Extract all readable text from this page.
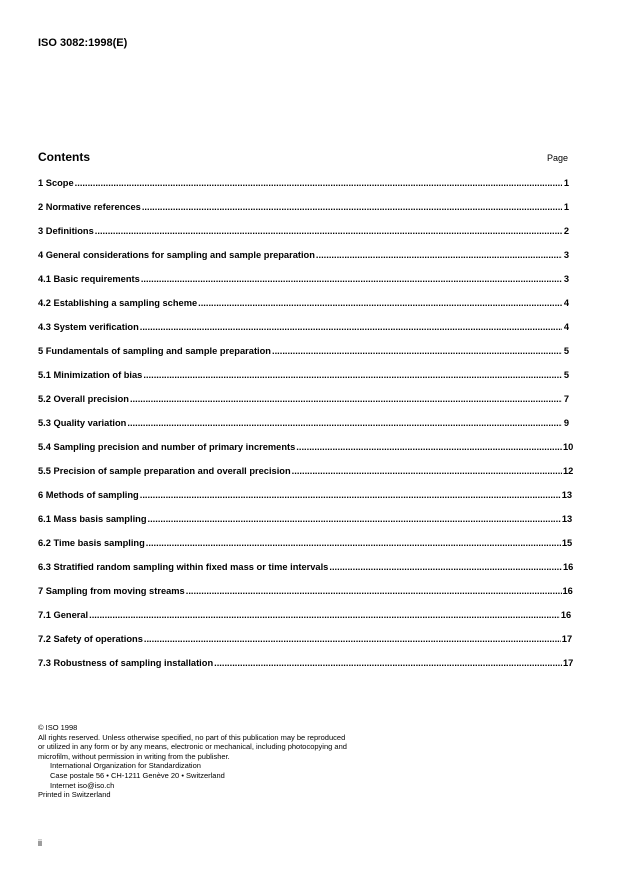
ISO 3082:1998(E)
Contents	Page
1 Scope .....	1
2 Normative references .....	1
3 Definitions .....	2
4 General considerations for sampling and sample preparation .....	3
4.1 Basic requirements .....	3
4.2 Establishing a sampling scheme .....	4
4.3 System verification .....	4
5 Fundamentals of sampling and sample preparation .....	5
5.1 Minimization of bias .....	5
5.2 Overall precision .....	7
5.3 Quality variation .....	9
5.4 Sampling precision and number of primary increments .....	10
5.5 Precision of sample preparation and overall precision .....	12
6 Methods of sampling .....	13
6.1 Mass basis sampling .....	13
6.2 Time basis sampling .....	15
6.3 Stratified random sampling within fixed mass or time intervals .....	16
7 Sampling from moving streams .....	16
7.1 General .....	16
7.2 Safety of operations .....	17
7.3 Robustness of sampling installation .....	17
© ISO 1998
All rights reserved. Unless otherwise specified, no part of this publication may be reproduced
or utilized in any form or by any means, electronic or mechanical, including photocopying and
microfilm, without permission in writing from the publisher.
International Organization for Standardization
Case postale 56 • CH-1211 Genève 20 • Switzerland
Internet iso@iso.ch
Printed in Switzerland
ii
